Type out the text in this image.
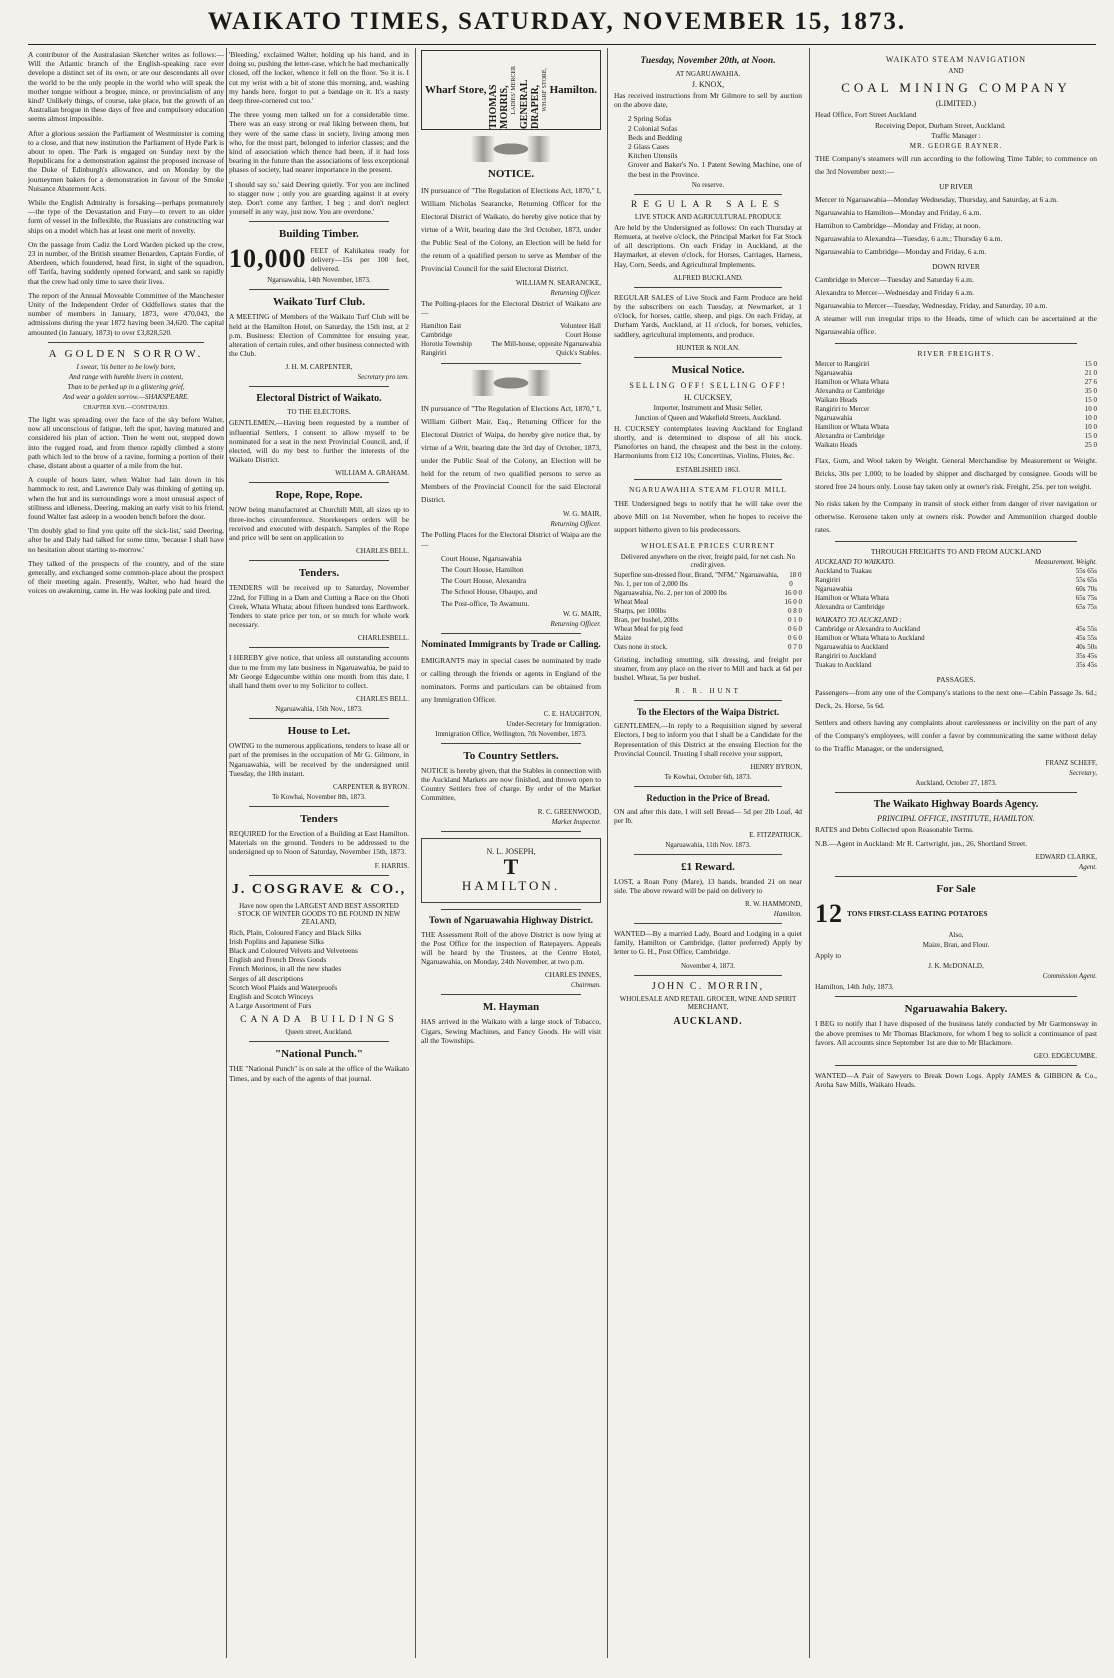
WAIKATO TIMES, SATURDAY, NOVEMBER 15, 1873.

A contributor of the Australasian Sketcher writes as follows:—Will the Atlantic branch of the English-speaking race ever develope a distinct set of its own, or are our descendants all over the world to be the only people in the world who will speak the mother tongue without a brogue, mince, or provincialism of any kind? Unlikely things, of course, take place, but the growth of an Australian brogue in these days of free and compulsory education seems almost impossible.

After a glorious session the Parliament of Westminster is coming to a close, and that new institution the Parliament of Hyde Park is about to open. The Park is engaged on Sunday next by the Republicans for a demonstration against the proposed increase of the Duke of Edinburgh's allowance, and on Monday by the journeymen bakers for a demonstration in favour of the Smoke Nuisance Abatement Acts.

While the English Admiralty is forsaking—perhaps prematurely—the type of the Devastation and Fury—to revert to an older form of vessel in the Inflexible, the Russians are constructing war ships on a model which has at least one merit of novelty.

On the passage from Cadiz the Lord Warden picked up the crew, 23 in number, of the British steamer Benarden, Captain Fordie, of Aberdeen, which foundered, head first, in sight of the squadron, off Tarifa, having suddenly opened forward, and sank so rapidly that the crew had only time to save their lives.

The report of the Annual Moveable Committee of the Manchester Unity of the Independent Order of Oddfellows states that the number of members in January, 1873, were 470,043, the admissions during the year 1872 having been 34,620. The capital amounted (in January, 1873) to over £3,828,520.

A GOLDEN SORROW.
I swear, 'tis better to be lowly born,
And range with humble livers in content,
Than to be perked up in a glistering grief,
And wear a golden sorrow.—SHAKSPEARE.
CHAPTER XVII.—CONTINUED.

The light was spreading over the face of the sky before Walter, now all unconscious of fatigue, left the spot, having matured and considered his plan of action. Then he went out, stepped down into the rugged road, and from thence rapidly climbed a stony path which led to the brow of a ravine, forming a portion of their chase, distant about a quarter of a mile from the hut.

A couple of hours later, when Walter had lain down in his hammock to rest, and Lawrence Daly was thinking of getting up, when the hut and its surroundings wore a most unusual aspect of stillness and idleness, Deering, making an early visit to his friend, found Walter fast asleep in a wooden bench before the door.

'I'm doubly glad to find you quite off the sick-list,' said Deering, after he and Daly had talked for some time, 'because I shall have no hesitation about starting to-morrow.'

They talked of the prospects of the country, and of the state generally, and exchanged some common-place about the prospect of their meeting again. Presently, Walter, who had heard the voices on awakening, came in. He was looking pale and tired.

'Bleeding,' exclaimed Walter, holding up his hand, and in doing so, pushing the letter-case, which he had mechanically closed, off the locker, whence it fell on the floor. 'So it is. I cut my wrist with a bit of stone this morning, and, washing my hands here, forgot to put a bandage on it. It's a nasty deep three-cornered cut too.'

The three young men talked on for a considerable time. There was an easy strong or real liking between them, but they were of the same class in society, living among men who, for the most part, belonged to inferior classes; and the kind of association which thence had been, if it had loss bearing in the future than the associations of less exceptional phases of society, had nearer importance in the present.

'I should say so,' said Deering quietly. 'For you are inclined to stagger now ; only you are guarding against it at every step. Don't come any farther, I beg ; and don't neglect yourself in any way, just now. You are overdone.'

Building Timber.
10,000 FEET of Kahikatea ready for delivery—15s per 100 feet, delivered.
Ngaruawahia, 14th November, 1873.
Waikato Turf Club.

A MEETING of Members of the Waikato Turf Club will be held at the Hamilton Hotel, on Saturday, the 15th inst, at 2 p.m. Business: Election of Committee for ensuing year, alteration of certain rules, and other business connected with the Club.

J. H. M. CARPENTER,
Secretary pro tem.
Electoral District of Waikato.
TO THE ELECTORS.

GENTLEMEN,—Having been requested by a number of influential Settlers, I consent to allow myself to be nominated for a seat in the next Provincial Council, and, if elected, will do my best to further the interests of the Waikato District.

WILLIAM A. GRAHAM.
Rope, Rope, Rope.

NOW being manufactured at Churchill Mill, all sizes up to three-inches circumference. Storekeepers orders will be received and executed with despatch. Samples of the Rope and price will be sent on application to

CHARLES BELL.
Tenders.

TENDERS will be received up to Saturday, November 22nd, for Filling in a Dam and Cutting a Race on the Ohoti Creek, Whata Whata; about fifteen hundred tons Earthwork. Tenders to state price per ton, or so much for whole work necessary.

CHARLESBELL.

I HEREBY give notice, that unless all outstanding accounts due to me from my late business in Ngaruawahia, be paid to Mr George Edgecumbe within one month from this date, I shall hand them over to my Solicitor to collect.

CHARLES BELL.
Ngaruawahia, 15th Nov., 1873.
House to Let.

OWING to the numerous applications, tenders to lease all or part of the premises in the occupation of Mr G. Gilmore, in Ngaruawahia, will be received by the undersigned until Tuesday, the 18th instant.

CARPENTER & BYRON.
Te Kowhai, November 8th, 1873.
Tenders

REQUIRED for the Erection of a Building at East Hamilton. Materials on the ground. Tenders to be addressed to the undersigned up to Noon of Saturday, November 15th, 1873.

F. HARRIS.
J. COSGRAVE & CO.,
Have now open the LARGEST AND BEST ASSORTED STOCK OF WINTER GOODS TO BE FOUND IN NEW ZEALAND,
Rich, Plain, Coloured Fancy and Black Silks
Irish Poplins and Japanese Silks
Black and Coloured Velvets and Velveteens
English and French Dress Goods
French Merinos, in all the new shades
Serges of all descriptions
Scotch Wool Plaids and Waterproofs
English and Scotch Winceys
A Large Assortment of Furs
CANADA BUILDINGS
Queen street, Auckland.
"National Punch."

THE "National Punch" is on sale at the office of the Waikato Times, and by each of the agents of that journal.

Wharf Store, THOMAS MORRIS, LADIES' MERCER GENERAL DRAPER, WHARF STORE, Hamilton.
NOTICE.

IN pursuance of "The Regulation of Elections Act, 1870," I, William Nicholas Searancke, Returning Officer for the Electoral District of Waikato, do hereby give notice that by virtue of a Writ, bearing date the 3rd October, 1873, under the Public Seal of the Colony, an Election will be held for the return of a qualified person to serve as Member of the Provincial Council for the said Electoral District.

WILLIAM N. SEARANCKE,
Returning Officer.

The Polling-places for the Electoral District of Waikato are—

Hamilton East	Volunteer Hall
Cambridge	Court House
Horotiu Township	The Mill-house, opposite Ngaruawahia
Rangiriri	Quick's Stables.

IN pursuance of "The Regulation of Elections Act, 1870," I, William Gilbert Mair, Esq., Returning Officer for the Electoral District of Waipa, do hereby give notice that, by virtue of a Writ, bearing date the 3rd day of October, 1873, under the Public Seal of the Colony, an Election will be held for the return of two qualified persons to serve as Members of the Provincial Council for the said Electoral District.

W. G. MAIR,
Returning Officer.

The Polling Places for the Electoral District of Waipa are the—

Court House, Ngaruawahia
The Court House, Hamilton
The Court House, Alexandra
The School House, Ohaupo, and
The Post-office, Te Awamutu.
W. G. MAIR,
Returning Officer.
Nominated Immigrants by Trade or Calling.

EMIGRANTS may in special cases be nominated by trade or calling through the friends or agents in England of the nominators. Forms and particulars can be obtained from any Immigration Officer.

C. E. HAUGHTON,
Under-Secretary for Immigration.
Immigration Office, Wellington, 7th November, 1873.
To Country Settlers.

NOTICE is hereby given, that the Stables in connection with the Auckland Markets are now finished, and thrown open to Country Settlers free of charge. By order of the Market Committee,

R. C. GREENWOOD,
Market Inspector.
N. L. JOSEPH,
T
HAMILTON.
Town of Ngaruawahia Highway District.

THE Assessment Roll of the above District is now lying at the Post Office for the inspection of Ratepayers. Appeals will be heard by the Trustees, at the Centre Hotel, Ngaruawahia, on Monday, 24th November, at two p.m.

CHARLES INNES,
Chairman.
M. Hayman

HAS arrived in the Waikato with a large stock of Tobacco, Cigars, Sewing Machines, and Fancy Goods. He will visit all the Townships.

Tuesday, November 20th, at Noon.
AT NGARUAWAHIA.
J. KNOX,

Has received instructions from Mr Gilmore to sell by auction on the above date,

2 Spring Sofas
2 Colonial Sofas
Beds and Bedding
2 Glass Cases
Kitchen Utensils
Grover and Baker's No. 1 Patent Sewing Machine, one of the best in the Province.
No reserve.
REGULAR SALES
LIVE STOCK AND AGRICULTURAL PRODUCE

Are held by the Undersigned as follows: On each Thursday at Remuera, at twelve o'clock, the Principal Market for Fat Stock of all descriptions. On each Friday in Auckland, at the Haymarket, at eleven o'clock, for Horses, Carriages, Harness, Hay, Corn, Seeds, and Agricultural Implements.

ALFRED BUCKLAND.

REGULAR SALES of Live Stock and Farm Produce are held by the subscribers on each Tuesday, at Newmarket, at 1 o'clock, for horses, cattle, sheep, and pigs. On each Friday, at Durham Yards, Auckland, at 11 o'clock, for horses, vehicles, saddlery, agricultural implements, and produce.

HUNTER & NOLAN.
Musical Notice.
SELLING OFF! SELLING OFF!
H. CUCKSEY,
Importer, Instrument and Music Seller,
Junction of Queen and Wakefield Streets, Auckland.

H. CUCKSEY contemplates leaving Auckland for England shortly, and is determined to dispose of all his stock. Pianofortes on hand, the cheapest and the best in the colony. Harmoniums from £12 10s; Concertinas, Violins, Flutes, &c.

ESTABLISHED 1863.
NGARUAWAHIA STEAM FLOUR MILL

THE Undersigned begs to notify that he will take over the above Mill on 1st November, when he hopes to receive the support hitherto given to his predecessors.

WHOLESALE PRICES CURRENT
Delivered anywhere on the river, freight paid, for net cash. No credit given.
Superfine sun-dressed flour, Brand, "NFM," Ngaruawahia, No. 1, per ton of 2,000 lbs
18 0 0
Ngaruawahia, No. 2, per ton of 2000 lbs	16 0 0
Wheat Meal	16 0 0
Sharps, per 100lbs	0 8 0
Bran, per bushel, 20lbs	0 1 0
Wheat Meal for pig feed	0 6 0
Maize	0 6 0
Oats none in stock.	0 7 0

Gristing, including smutting, silk dressing, and freight per steamer, from any place on the river to Mill and back at 6d per bushel. Wheat, 5s per bushel.

R. R. HUNT
To the Electors of the Waipa District.

GENTLEMEN,—In reply to a Requisition signed by several Electors, I beg to inform you that I shall be a Candidate for the Representation of this District at the ensuing Election for the Provincial Council. Trusting I shall receive your support,

HENRY BYRON,
Te Kowhai, October 6th, 1873.
Reduction in the Price of Bread.

ON and after this date, I will sell Bread— 5d per 2lb Loaf, 4d per lb.

E. FITZPATRICK.
Ngaruawahia, 11th Nov. 1873.
£1 Reward.

LOST, a Roan Pony (Mare), 13 hands, branded 21 on near side. The above reward will be paid on delivery to

R. W. HAMMOND,
Hamilton.

WANTED—By a married Lady, Board and Lodging in a quiet family, Hamilton or Cambridge, (latter preferred) Apply by letter to G. H., Post Office, Cambridge.

November 4, 1873.
JOHN C. MORRIN,
WHOLESALE AND RETAIL GROCER, WINE AND SPIRIT MERCHANT,
AUCKLAND.
WAIKATO STEAM NAVIGATION
AND
COAL MINING COMPANY
(LIMITED.)

Head Office, Fort Street Auckland

Receiving Depot, Durham Street, Auckland.

Traffic Manager :
MR. GEORGE RAYNER.

THE Company's steamers will run according to the following Time Table; to commence on the 3rd November next:—

UP RIVER

Mercer to Ngaruawahia—Monday Wednesday, Thursday, and Saturday, at 6 a.m.

Ngaruawahia to Hamilton—Monday and Friday, 6 a.m.

Hamilton to Cambridge—Monday and Friday, at noon.

Ngaruawahia to Alexandra—Tuesday, 6 a.m.; Thursday 6 a.m.

Ngaruawahia to Cambridge—Monday and Friday, 6 a.m.

DOWN RIVER

Cambridge to Mercer—Tuesday and Saturday 6 a.m.

Alexandra to Mercer—Wednesday and Friday 6 a.m.

Ngaruawahia to Mercer—Tuesday, Wednesday, Friday, and Saturday, 10 a.m.

A steamer will run irregular trips to the Heads, time of which can be ascertained at the Ngaruawahia office.

RIVER FREIGHTS.
Mercer to Rangiriri	15 0
Ngaruawahia	21 0
Hamilton or Whata Whata	27 6
Alexandra or Cambridge	35 0
Waikato Heads	15 0
Rangiriri to Mercer	10 0
Ngaruawahia	10 0
Hamilton or Whata Whata	10 0
Alexandra or Cambridge	15 0
Waikato Heads	25 0

Flax, Gum, and Wool taken by Weight. General Merchandise by Measurement or Weight. Bricks, 30s per 1,000; to be loaded by shipper and discharged by consignee. Goods will be stored free 24 hours only. Loose hay taken only at owner's risk. Freight, 25s. per ton weight.

No risks taken by the Company in transit of stock either from danger of river navigation or otherwise. Kerosene taken only at owners risk. Powder and Ammunition charged double rates.

THROUGH FREIGHTS TO AND FROM AUCKLAND
AUCKLAND TO WAIKATO.	Measurement. Weight.
Auckland to Tuakau	55s 65s
Rangiriri	55s 65s
Ngaruawahia	60s 70s
Hamilton or Whata Whata	65s 75s
Alexandra or Cambridge	65s 75s
WAIKATO TO AUCKLAND :
Cambridge or Alexandra to Auckland	45s 55s
Hamilton or Whata Whata to Auckland	45s 55s
Ngaruawahia to Auckland	40s 50s
Rangiriri to Auckland	35s 45s
Tuakau to Auckland	35s 45s
PASSAGES.

Passengers—from any one of the Company's stations to the next one—Cabin Passage 3s. 6d.; Deck, 2s. Horse, 5s 6d.

Settlers and others having any complaints about carelessness or incivility on the part of any of the Company's employees, will confer a favor by communicating the same without delay to the Traffic Manager, or the undersigned,

FRANZ SCHEFF,
Secretary,
Auckland, October 27, 1873.
The Waikato Highway Boards Agency.
PRINCIPAL OFFICE, INSTITUTE, HAMILTON.

RATES and Debts Collected upon Reasonable Terms.

N.B.—Agent in Auckland: Mr R. Cartwright, jun., 26, Shortland Street.

EDWARD CLARKE,
Agent.
For Sale
12 TONS FIRST-CLASS EATING POTATOES
Also,
Maize, Bran, and Flour.
Apply to
J. K. McDONALD,
Commission Agent.
Hamilton, 14th July, 1873.
Ngaruawahia Bakery.

I BEG to notify that I have disposed of the business lately conducted by Mr Garmonsway in the above premises to Mr Thomas Blackmore, for whom I beg to solicit a continuance of past favors. All accounts since September 1st are due to Mr Blackmore.

GEO. EDGECUMBE.

WANTED—A Pair of Sawyers to Break Down Logs. Apply JAMES & GIBBON & Co., Aroha Saw Mills, Waikato Heads.
